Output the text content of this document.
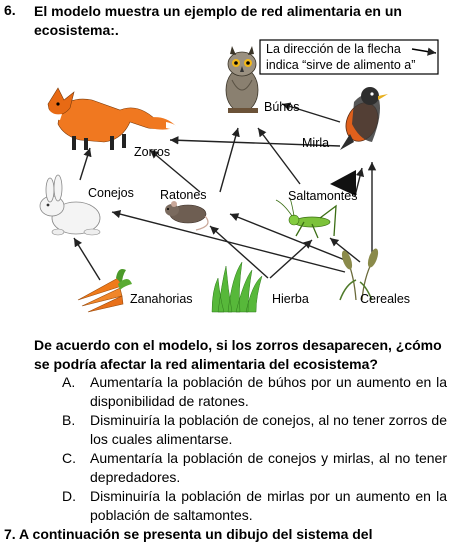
6. El modelo muestra un ejemplo de red alimentaria en un
ecosistema:.
La dirección de la flecha
indica “sirve de alimento a”
Búhos
Mirla
Zorros
Conejos Ratones	Saltamontes
Zanahorias	Hierba	Cereales
De acuerdo con el modelo, si los zorros desaparecen, ¿cómo
se podría afectar la red alimentaria del ecosistema?
A. Aumentaría la población de búhos por un aumento en la disponibilidad de ratones.
B. Disminuiría la población de conejos, al no tener zorros de los cuales alimentarse.
C. Aumentaría la población de conejos y mirlas, al no tener depredadores.
D. Disminuiría la población de mirlas por un aumento en la población de saltamontes.
7. A continuación se presenta un dibujo del sistema del
